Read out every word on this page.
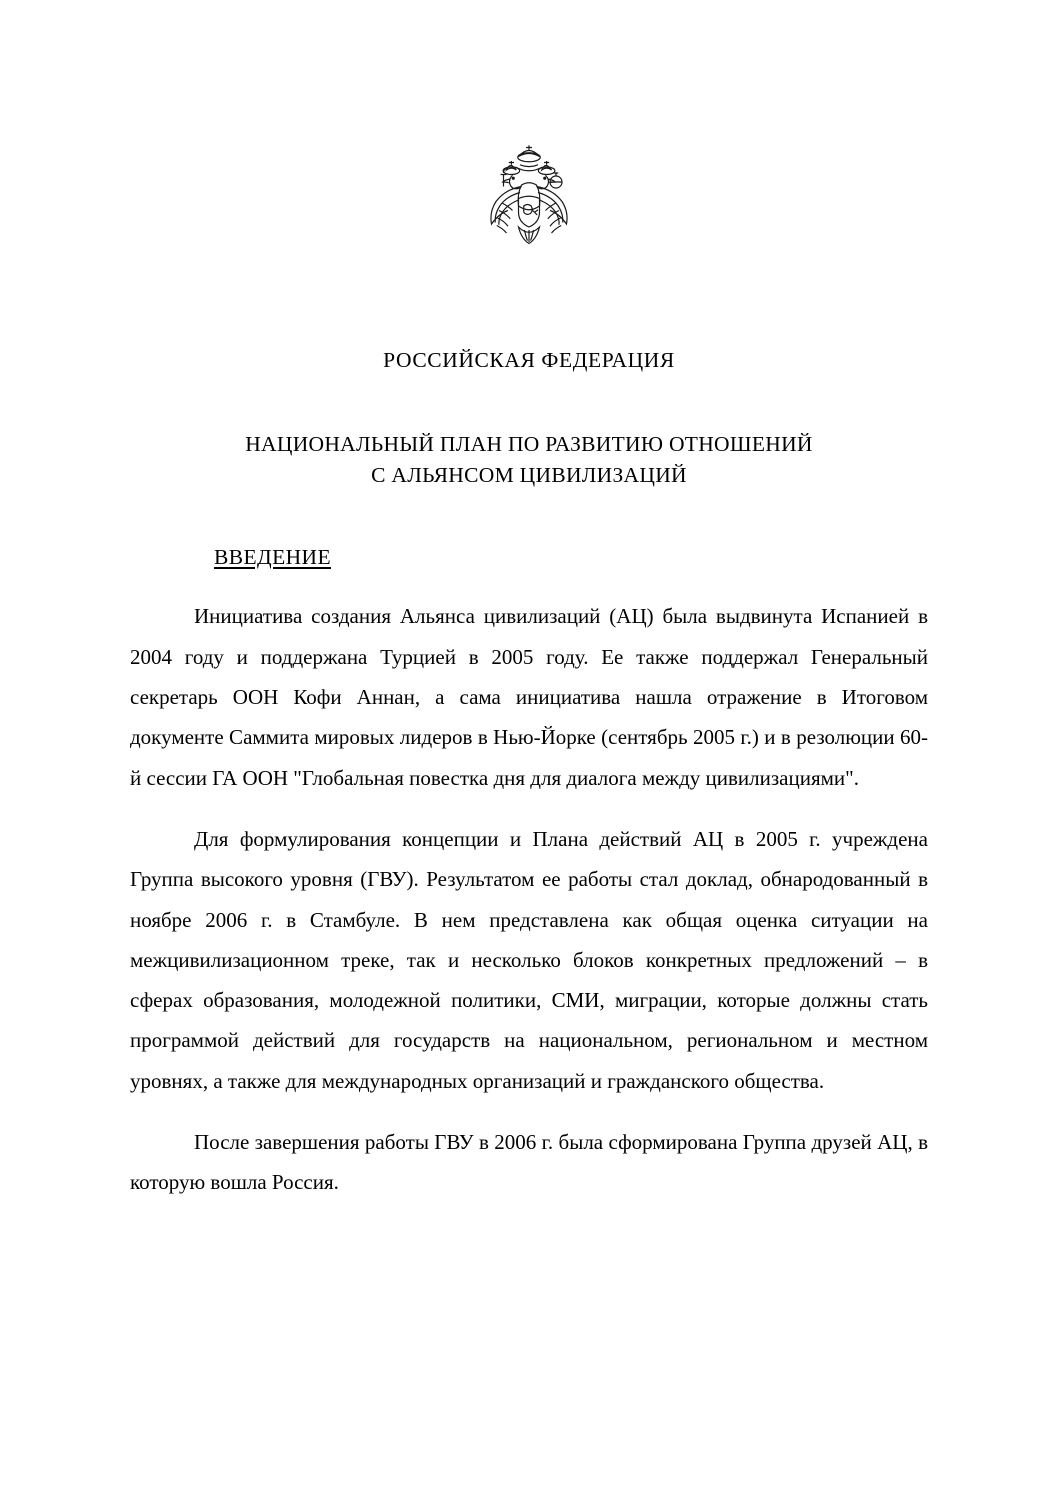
РОССИЙСКАЯ ФЕДЕРАЦИЯ
НАЦИОНАЛЬНЫЙ ПЛАН ПО РАЗВИТИЮ ОТНОШЕНИЙ
С АЛЬЯНСОМ ЦИВИЛИЗАЦИЙ
ВВЕДЕНИЕ

Инициатива создания Альянса цивилизаций (АЦ) была выдвинута Испанией в 2004 году и поддержана Турцией в 2005 году. Ее также поддержал Генеральный секретарь ООН Кофи Аннан, а сама инициатива нашла отражение в Итоговом документе Саммита мировых лидеров в Нью-Йорке (сентябрь 2005 г.) и в резолюции 60-й сессии ГА ООН "Глобальная повестка дня для диалога между цивилизациями".

Для формулирования концепции и Плана действий АЦ в 2005 г. учреждена Группа высокого уровня (ГВУ). Результатом ее работы стал доклад, обнародованный в ноябре 2006 г. в Стамбуле. В нем представлена как общая оценка ситуации на межцивилизационном треке, так и несколько блоков конкретных предложений – в сферах образования, молодежной политики, СМИ, миграции, которые должны стать программой действий для государств на национальном, региональном и местном уровнях, а также для международных организаций и гражданского общества.

После завершения работы ГВУ в 2006 г. была сформирована Группа друзей АЦ, в которую вошла Россия.
